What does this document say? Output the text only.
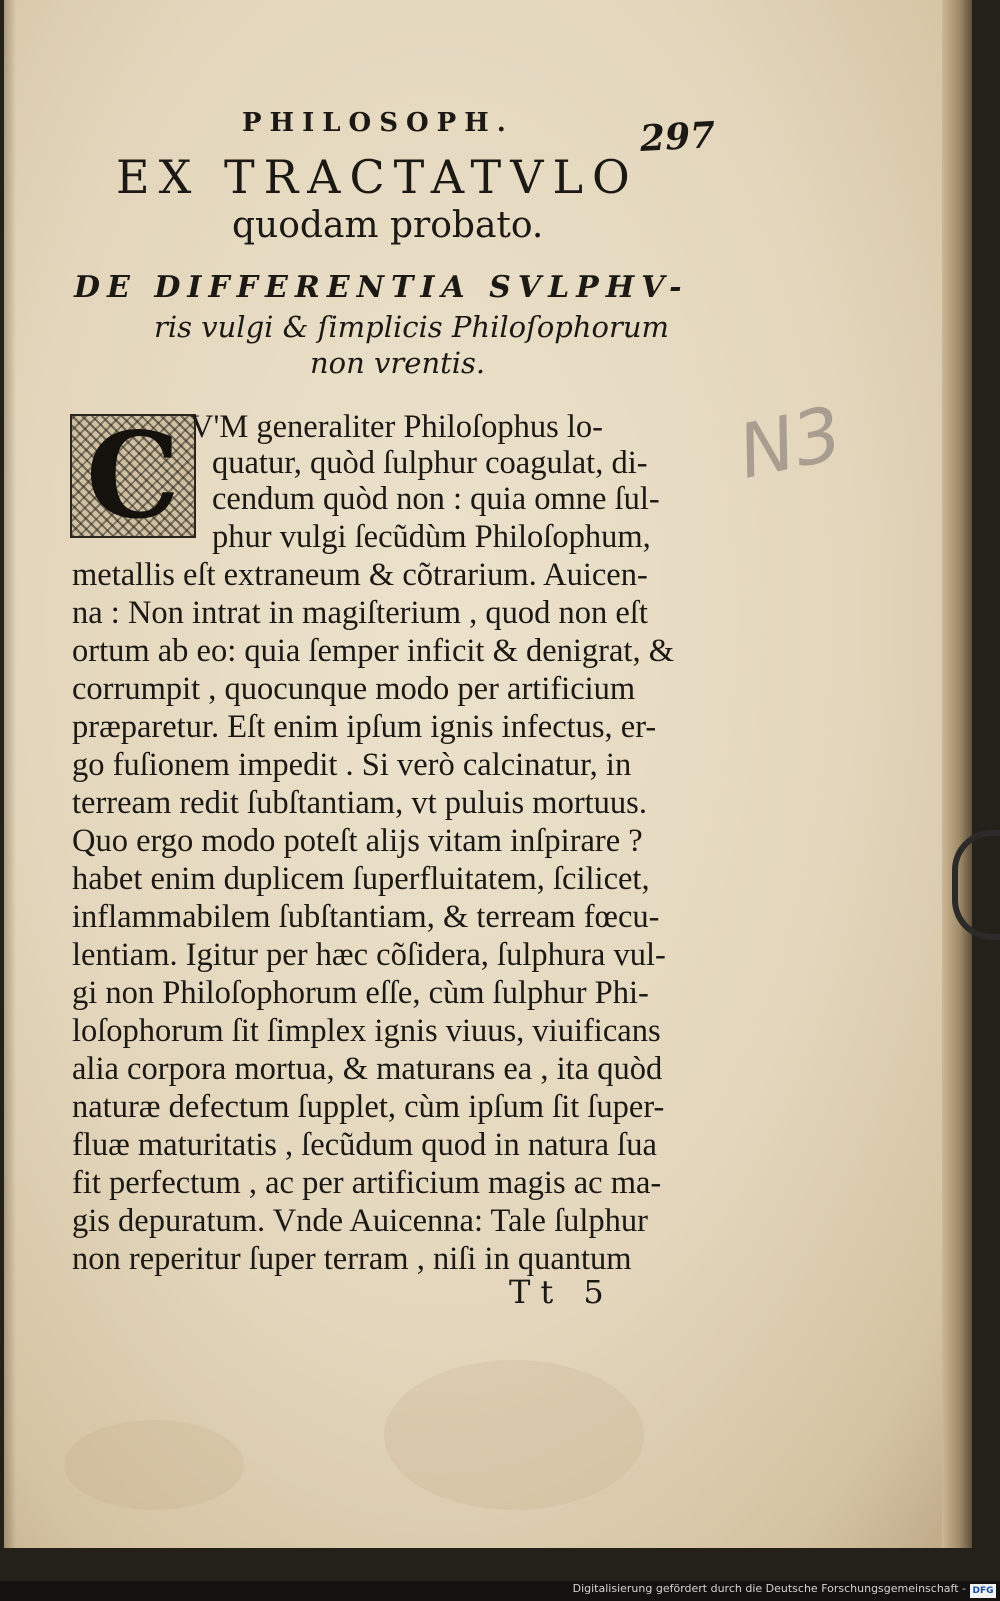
PHILOSOPH.	297
EX TRACTATVLO
quodam probato.
DE DIFFERENTIA SVLPHV-
ris vulgi & ſimplicis Philoſophorum
non vrentis.
C V'M generaliter Philoſophus lo-
quatur, quòd ſulphur coagulat, di-
cendum quòd non : quia omne ſul-
phur vulgi ſecũdùm Philoſophum,
metallis eſt extraneum & cõtrarium. Auicen-
na : Non intrat in magiſterium , quod non eſt
ortum ab eo: quia ſemper inficit & denigrat, &
corrumpit , quocunque modo per artificium
præparetur. Eſt enim ipſum ignis infectus, er-
go fuſionem impedit . Si verò calcinatur, in
terream redit ſubſtantiam, vt puluis mortuus.
Quo ergo modo poteſt alijs vitam inſpirare ?
habet enim duplicem ſuperfluitatem, ſcilicet,
inflammabilem ſubſtantiam, & terream fœcu-
lentiam. Igitur per hæc cõſidera, ſulphura vul-
gi non Philoſophorum eſſe, cùm ſulphur Phi-
loſophorum ſit ſimplex ignis viuus, viuificans
alia corpora mortua, & maturans ea , ita quòd
naturæ defectum ſupplet, cùm ipſum ſit ſuper-
fluæ maturitatis , ſecũdum quod in natura ſua
fit perfectum , ac per artificium magis ac ma-
gis depuratum. Vnde Auicenna: Tale ſulphur
non reperitur ſuper terram , niſi in quantum
Tt 5
N3
Digitalisierung gefördert durch die Deutsche Forschungsgemeinschaft - DFG
